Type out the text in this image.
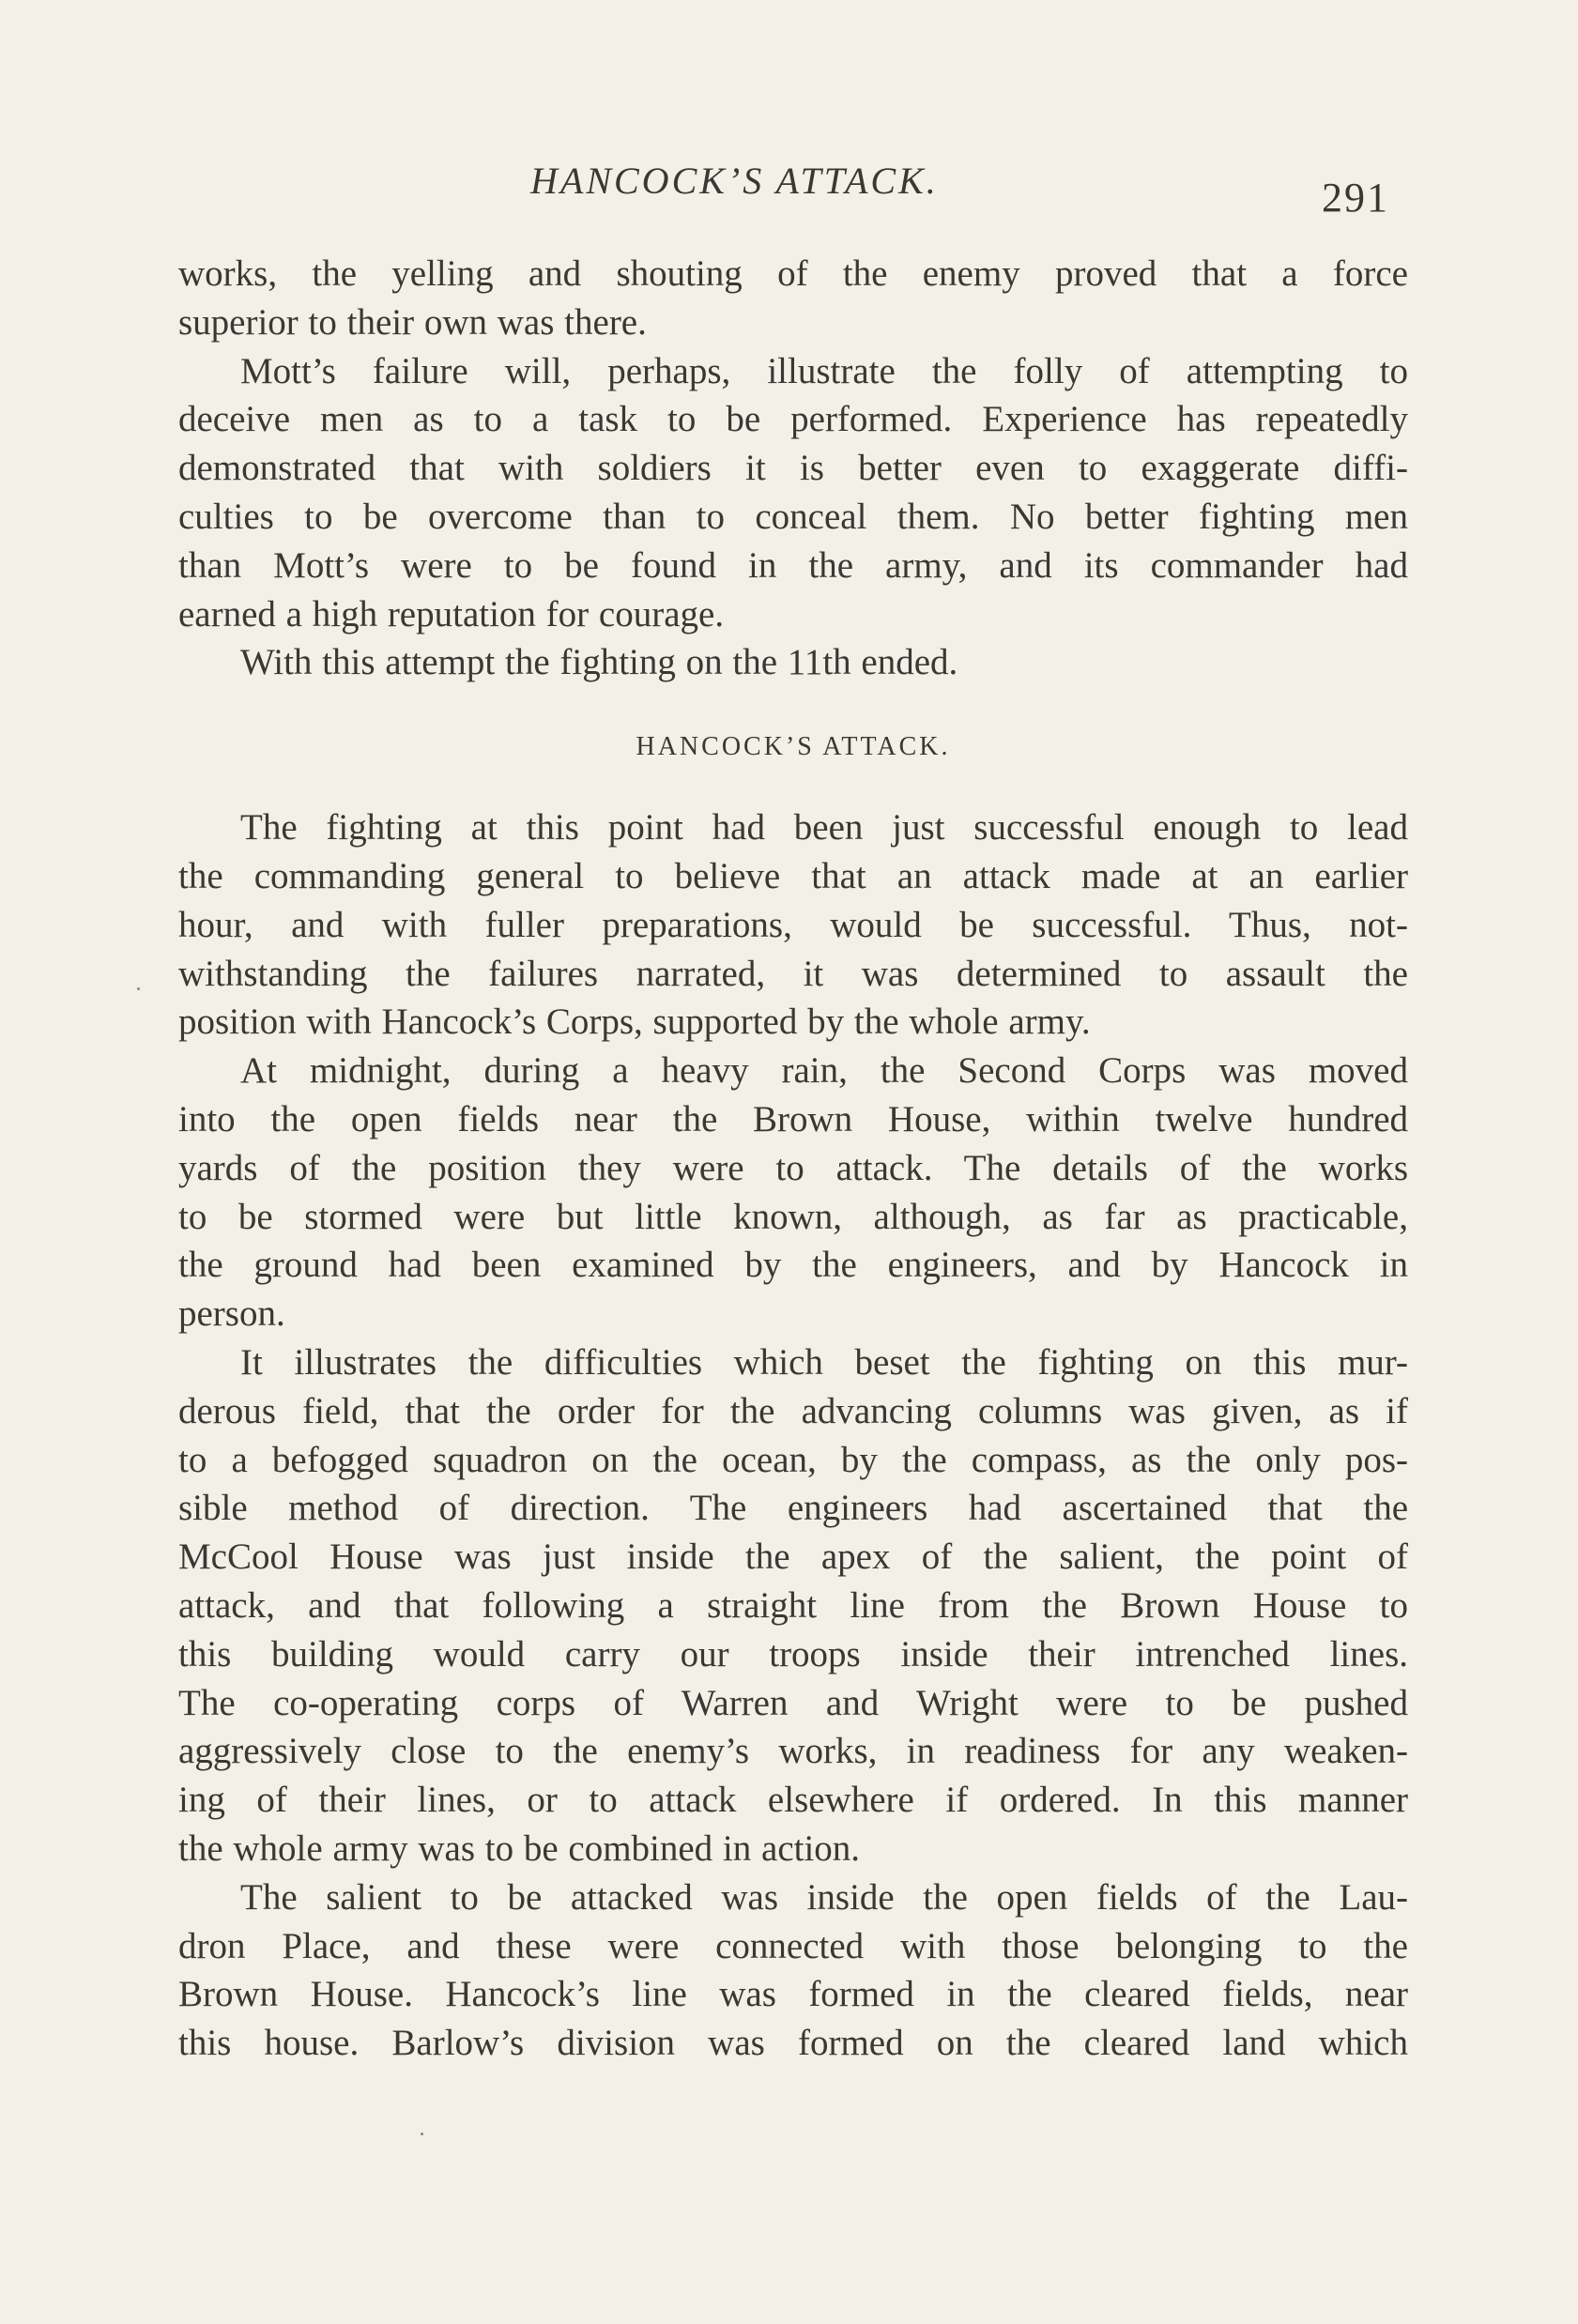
HANCOCK’S ATTACK.	291
works, the yelling and shouting of the enemy proved that a force
superior to their own was there.
Mott’s failure will, perhaps, illustrate the folly of attempting to
deceive men as to a task to be performed. Experience has repeatedly
demonstrated that with soldiers it is better even to exaggerate diffi-
culties to be overcome than to conceal them. No better fighting men
than Mott’s were to be found in the army, and its commander had
earned a high reputation for courage.
With this attempt the fighting on the 11th ended.
HANCOCK’S ATTACK.
The fighting at this point had been just successful enough to lead
the commanding general to believe that an attack made at an earlier
hour, and with fuller preparations, would be successful. Thus, not-
withstanding the failures narrated, it was determined to assault the
position with Hancock’s Corps, supported by the whole army.
At midnight, during a heavy rain, the Second Corps was moved
into the open fields near the Brown House, within twelve hundred
yards of the position they were to attack. The details of the works
to be stormed were but little known, although, as far as practicable,
the ground had been examined by the engineers, and by Hancock in
person.
It illustrates the difficulties which beset the fighting on this mur-
derous field, that the order for the advancing columns was given, as if
to a befogged squadron on the ocean, by the compass, as the only pos-
sible method of direction. The engineers had ascertained that the
McCool House was just inside the apex of the salient, the point of
attack, and that following a straight line from the Brown House to
this building would carry our troops inside their intrenched lines.
The co-operating corps of Warren and Wright were to be pushed
aggressively close to the enemy’s works, in readiness for any weaken-
ing of their lines, or to attack elsewhere if ordered. In this manner
the whole army was to be combined in action.
The salient to be attacked was inside the open fields of the Lau-
dron Place, and these were connected with those belonging to the
Brown House. Hancock’s line was formed in the cleared fields, near
this house. Barlow’s division was formed on the cleared land which
